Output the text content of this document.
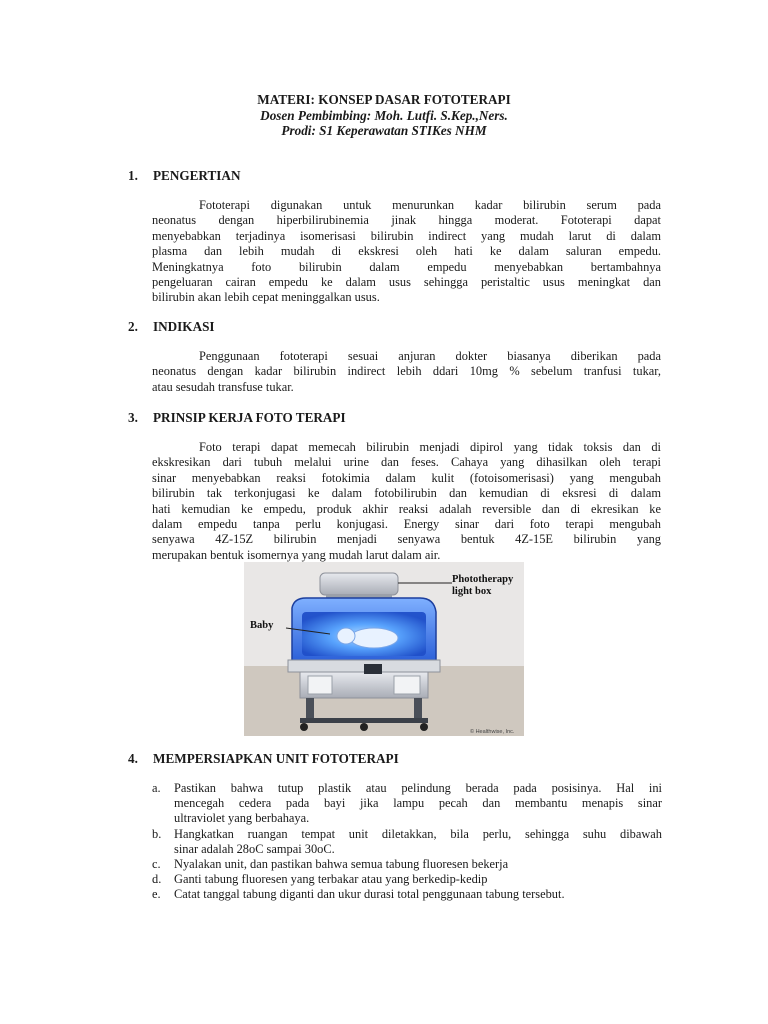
MATERI: KONSEP DASAR FOTOTERAPI
Dosen Pembimbing: Moh. Lutfi. S.Kep.,Ners.
Prodi: S1 Keperawatan STIKes NHM
1. PENGERTIAN
Fototerapi digunakan untuk menurunkan kadar bilirubin serum pada
neonatus dengan hiperbilirubinemia jinak hingga moderat. Fototerapi dapat
menyebabkan terjadinya isomerisasi bilirubin indirect yang mudah larut di dalam
plasma dan lebih mudah di ekskresi oleh hati ke dalam saluran empedu.
Meningkatnya foto bilirubin dalam empedu menyebabkan bertambahnya
pengeluaran cairan empedu ke dalam usus sehingga peristaltic usus meningkat dan
bilirubin akan lebih cepat meninggalkan usus.
2. INDIKASI
Penggunaan fototerapi sesuai anjuran dokter biasanya diberikan pada
neonatus dengan kadar bilirubin indirect lebih ddari 10mg % sebelum tranfusi tukar,
atau sesudah transfuse tukar.
3. PRINSIP KERJA FOTO TERAPI
Foto terapi dapat memecah bilirubin menjadi dipirol yang tidak toksis dan di
ekskresikan dari tubuh melalui urine dan feses. Cahaya yang dihasilkan oleh terapi
sinar menyebabkan reaksi fotokimia dalam kulit (fotoisomerisasi) yang mengubah
bilirubin tak terkonjugasi ke dalam fotobilirubin dan kemudian di eksresi di dalam
hati kemudian ke empedu, produk akhir reaksi adalah reversible dan di ekresikan ke
dalam empedu tanpa perlu konjugasi. Energy sinar dari foto terapi mengubah
senyawa 4Z-15Z bilirubin menjadi senyawa bentuk 4Z-15E bilirubin yang
merupakan bentuk isomernya yang mudah larut dalam air.
Phototherapy
light box
Baby
© Healthwise, Inc.
4. MEMPERSIAPKAN UNIT FOTOTERAPI
a. Pastikan bahwa tutup plastik atau pelindung berada pada posisinya. Hal ini
mencegah cedera pada bayi jika lampu pecah dan membantu menapis sinar
ultraviolet yang berbahaya.
b. Hangkatkan ruangan tempat unit diletakkan, bila perlu, sehingga suhu dibawah
sinar adalah 28oC sampai 30oC.
c. Nyalakan unit, dan pastikan bahwa semua tabung fluoresen bekerja
d. Ganti tabung fluoresen yang terbakar atau yang berkedip-kedip
e. Catat tanggal tabung diganti dan ukur durasi total penggunaan tabung tersebut.
